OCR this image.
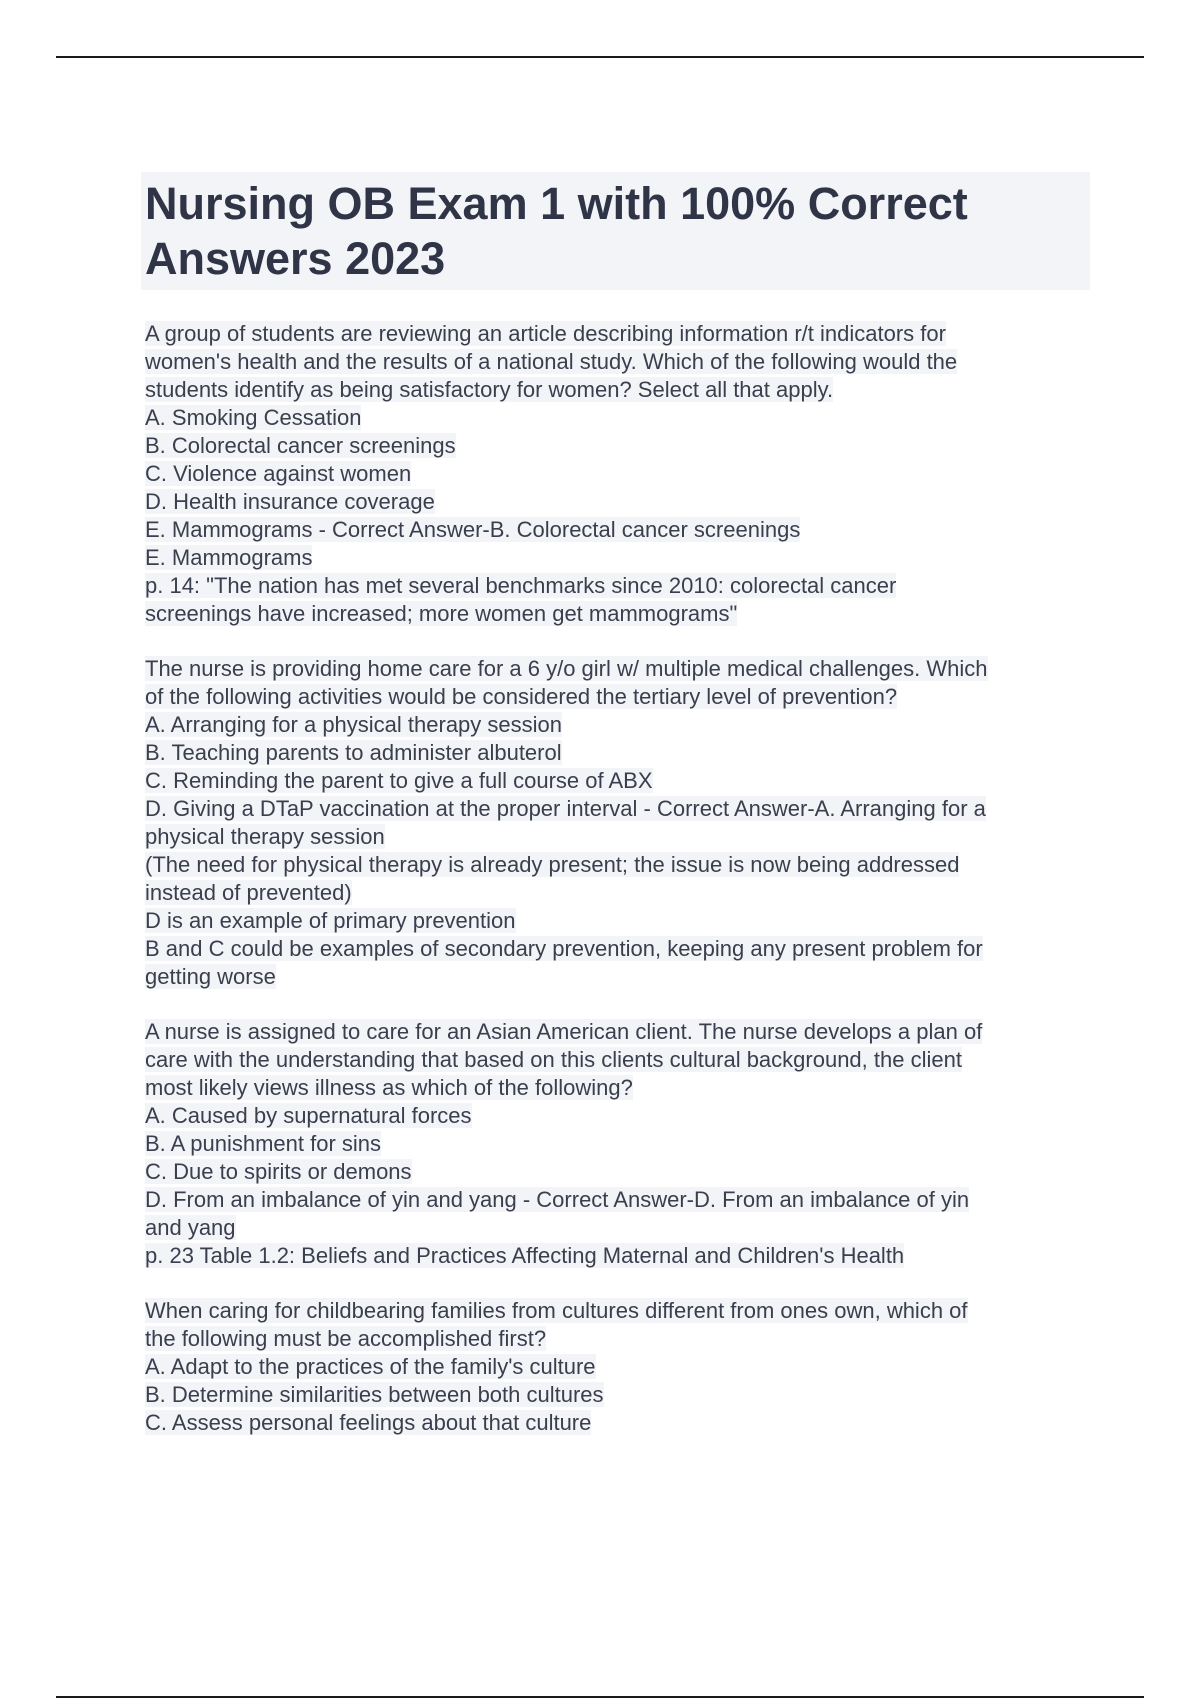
Nursing OB Exam 1 with 100% Correct
Answers 2023
A group of students are reviewing an article describing information r/t indicators for
women's health and the results of a national study. Which of the following would the
students identify as being satisfactory for women? Select all that apply.
A. Smoking Cessation
B. Colorectal cancer screenings
C. Violence against women
D. Health insurance coverage
E. Mammograms - Correct Answer-B. Colorectal cancer screenings
E. Mammograms
p. 14: "The nation has met several benchmarks since 2010: colorectal cancer
screenings have increased; more women get mammograms"
The nurse is providing home care for a 6 y/o girl w/ multiple medical challenges. Which
of the following activities would be considered the tertiary level of prevention?
A. Arranging for a physical therapy session
B. Teaching parents to administer albuterol
C. Reminding the parent to give a full course of ABX
D. Giving a DTaP vaccination at the proper interval - Correct Answer-A. Arranging for a
physical therapy session
(The need for physical therapy is already present; the issue is now being addressed
instead of prevented)
D is an example of primary prevention
B and C could be examples of secondary prevention, keeping any present problem for
getting worse
A nurse is assigned to care for an Asian American client. The nurse develops a plan of
care with the understanding that based on this clients cultural background, the client
most likely views illness as which of the following?
A. Caused by supernatural forces
B. A punishment for sins
C. Due to spirits or demons
D. From an imbalance of yin and yang - Correct Answer-D. From an imbalance of yin
and yang
p. 23 Table 1.2: Beliefs and Practices Affecting Maternal and Children's Health
When caring for childbearing families from cultures different from ones own, which of
the following must be accomplished first?
A. Adapt to the practices of the family's culture
B. Determine similarities between both cultures
C. Assess personal feelings about that culture
